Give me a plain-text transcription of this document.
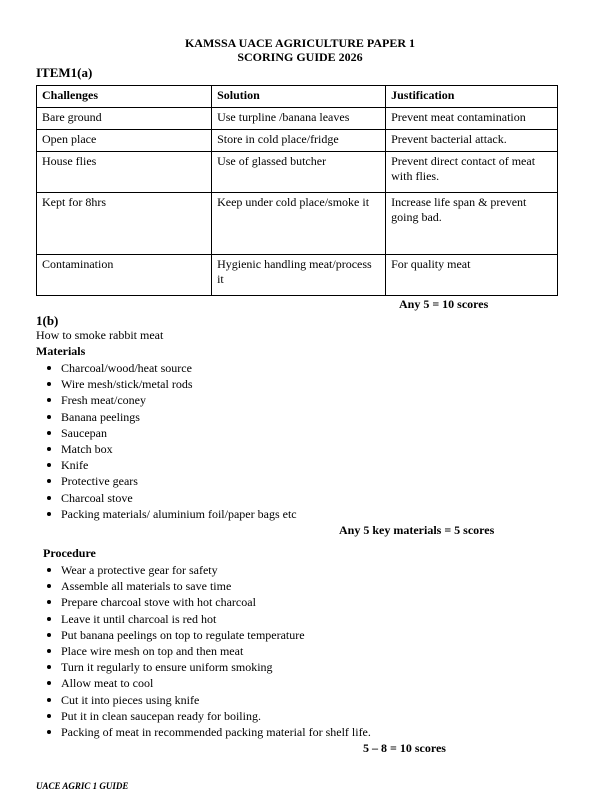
KAMSSA UACE AGRICULTURE PAPER 1
SCORING GUIDE 2026
ITEM1(a)
Challenges	Solution	Justification
Bare ground	Use turpline /banana leaves	Prevent meat contamination
Open place	Store in cold place/fridge	Prevent bacterial attack.
House flies	Use of glassed butcher	Prevent direct contact of meat with flies.
Kept for 8hrs	Keep under cold place/smoke it	Increase life span & prevent going bad.
Contamination	Hygienic handling meat/process it	For quality meat
Any 5 = 10 scores
1(b)
How to smoke rabbit meat
Materials
Charcoal/wood/heat source
Wire mesh/stick/metal rods
Fresh meat/coney
Banana peelings
Saucepan
Match box
Knife
Protective gears
Charcoal stove
Packing materials/ aluminium foil/paper bags etc
Any 5 key materials = 5 scores
Procedure
Wear a protective gear for safety
Assemble all materials to save time
Prepare charcoal stove with hot charcoal
Leave it until charcoal is red hot
Put banana peelings on top to regulate temperature
Place wire mesh on top and then meat
Turn it regularly to ensure uniform smoking
Allow meat to cool
Cut it into pieces using knife
Put it in clean saucepan ready for boiling.
Packing of meat in recommended packing material for shelf life.
5 – 8 = 10 scores
UACE AGRIC 1 GUIDE
